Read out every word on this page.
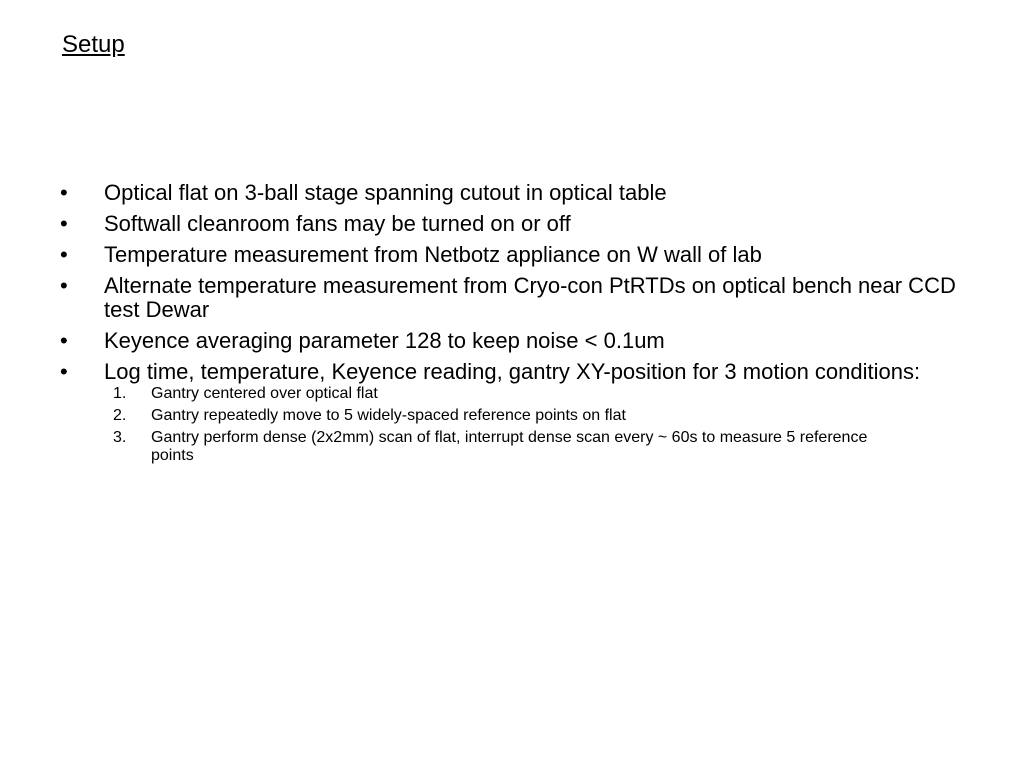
Setup
•	Optical flat on 3-ball stage spanning cutout in optical table
•	Softwall cleanroom fans may be turned on or off
•	Temperature measurement from Netbotz appliance on W wall of lab
•	Alternate temperature measurement from Cryo-con PtRTDs on optical bench near CCD test Dewar
•	Keyence averaging parameter 128 to keep noise < 0.1um
•	Log time, temperature, Keyence reading, gantry XY-position for 3 motion conditions:
1. Gantry centered over optical flat
2. Gantry repeatedly move to 5 widely-spaced reference points on flat
3. Gantry perform dense (2x2mm) scan of flat, interrupt dense scan every ~ 60s to measure 5 reference points
